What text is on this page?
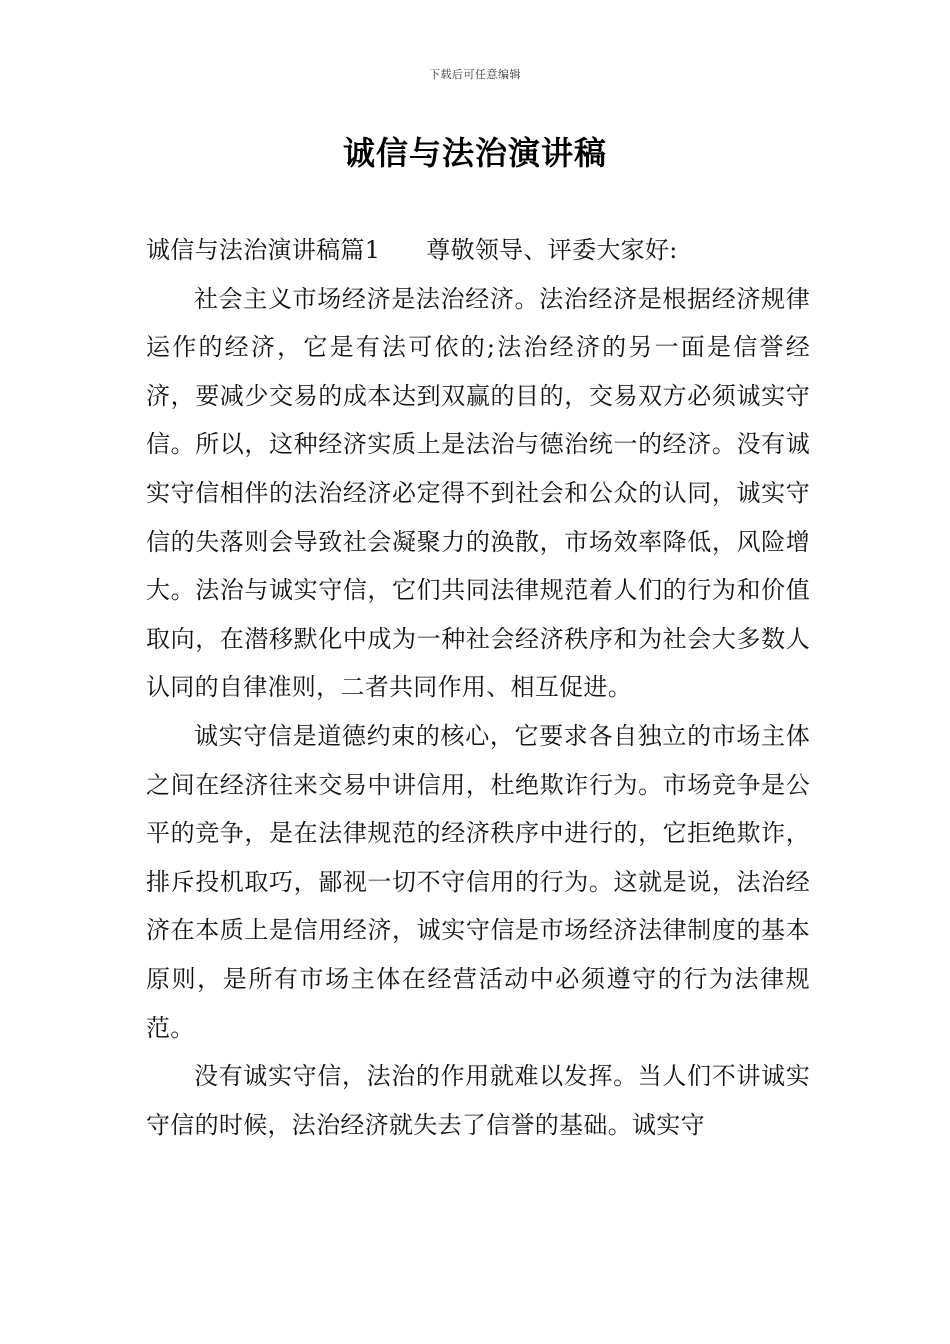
下载后可任意编辑
诚信与法治演讲稿

诚信与法治演讲稿篇1 尊敬领导、评委大家好:

社会主义市场经济是法治经济。法治经济是根据经济规律运作的经济，它是有法可依的;法治经济的另一面是信誉经济，要减少交易的成本达到双赢的目的，交易双方必须诚实守信。所以，这种经济实质上是法治与德治统一的经济。没有诚实守信相伴的法治经济必定得不到社会和公众的认同，诚实守信的失落则会导致社会凝聚力的涣散，市场效率降低，风险增大。法治与诚实守信，它们共同法律规范着人们的行为和价值取向，在潜移默化中成为一种社会经济秩序和为社会大多数人认同的自律准则，二者共同作用、相互促进。

诚实守信是道德约束的核心，它要求各自独立的市场主体之间在经济往来交易中讲信用，杜绝欺诈行为。市场竞争是公平的竞争，是在法律规范的经济秩序中进行的，它拒绝欺诈，排斥投机取巧，鄙视一切不守信用的行为。这就是说，法治经济在本质上是信用经济，诚实守信是市场经济法律制度的基本原则，是所有市场主体在经营活动中必须遵守的行为法律规范。

没有诚实守信，法治的作用就难以发挥。当人们不讲诚实守信的时候，法治经济就失去了信誉的基础。诚实守
